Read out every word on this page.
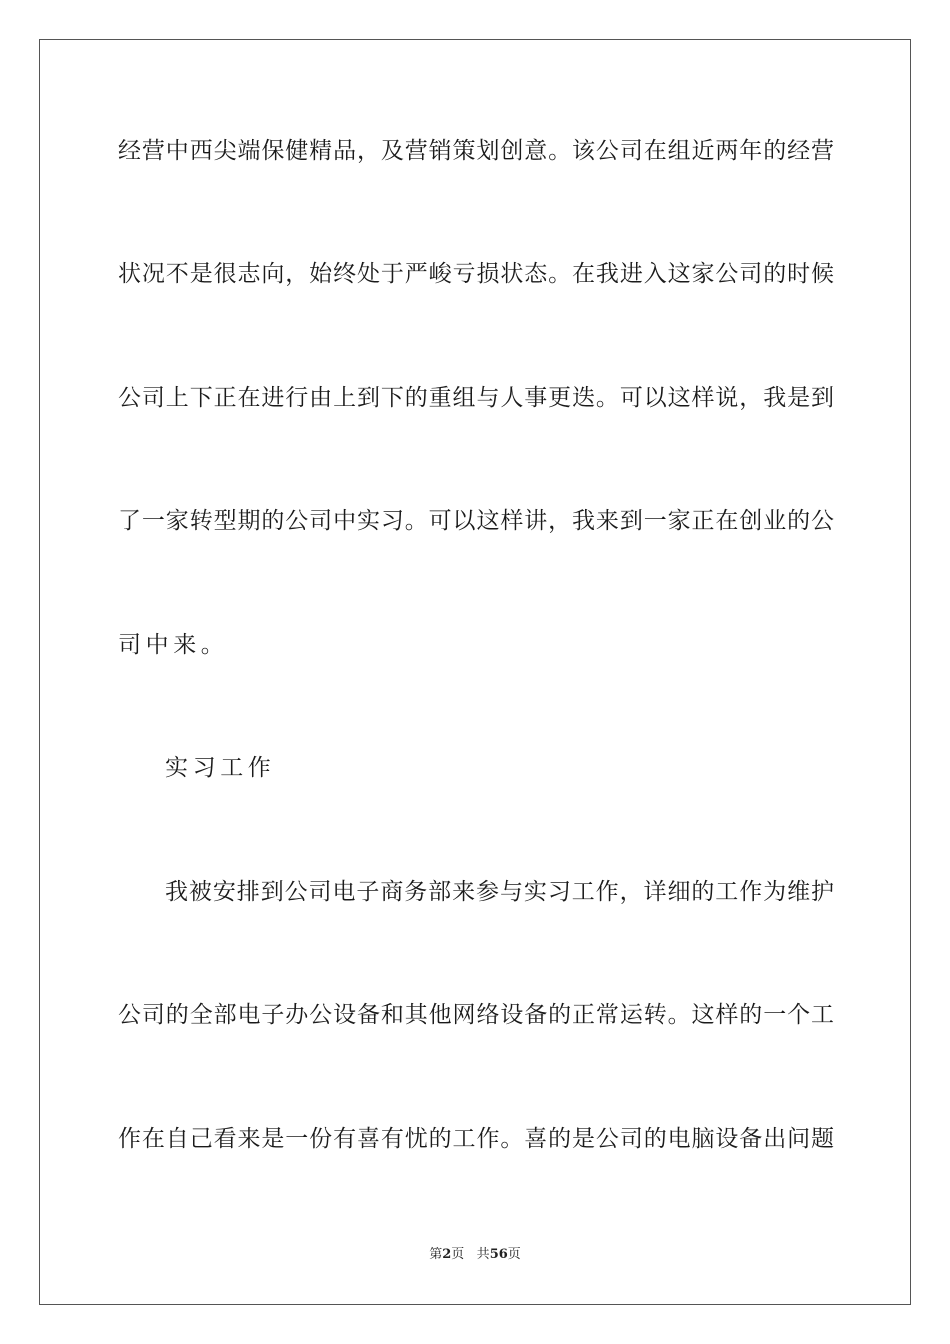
经营中西尖端保健精品，及营销策划创意。该公司在组近两年的经营
状况不是很志向，始终处于严峻亏损状态。在我进入这家公司的时候
公司上下正在进行由上到下的重组与人事更迭。可以这样说，我是到
了一家转型期的公司中实习。可以这样讲，我来到一家正在创业的公
司中来。
实习工作
我被安排到公司电子商务部来参与实习工作，详细的工作为维护
公司的全部电子办公设备和其他网络设备的正常运转。这样的一个工
作在自己看来是一份有喜有忧的工作。喜的是公司的电脑设备出问题
第2页 共56页
